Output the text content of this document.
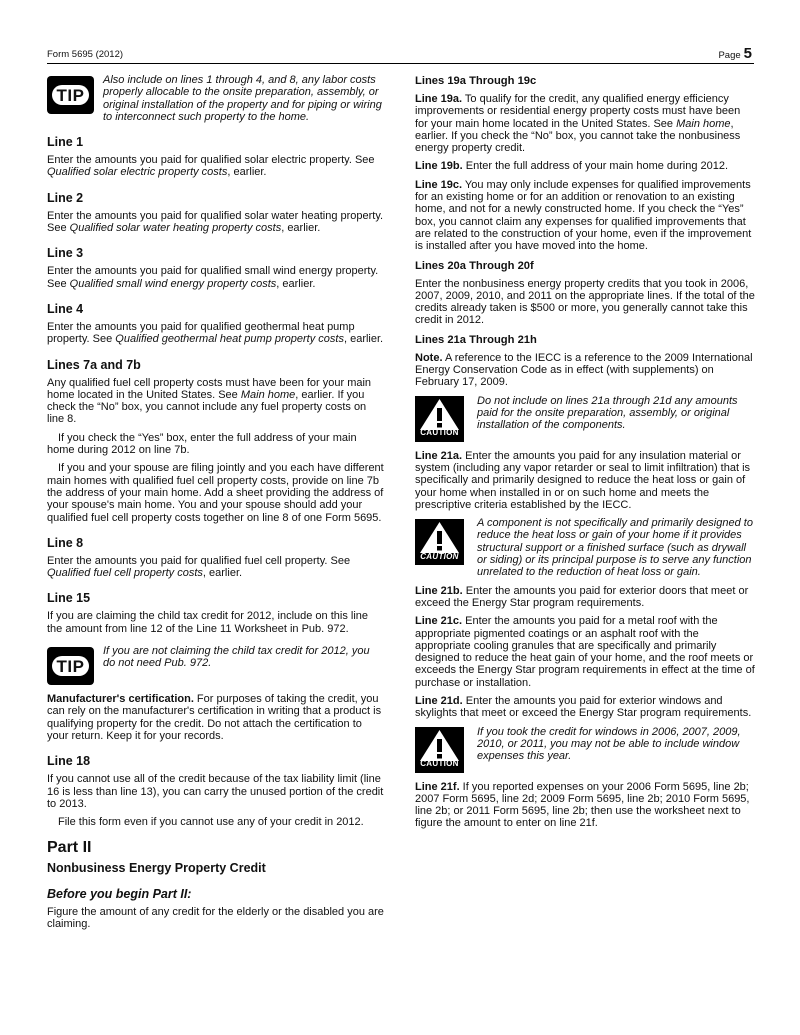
Form 5695 (2012)	Page 5
TIP
Also include on lines 1 through 4, and 8, any labor costs properly allocable to the onsite preparation, assembly, or original installation of the property and for piping or wiring to interconnect such property to the home.
Line 1

Enter the amounts you paid for qualified solar electric property. See Qualified solar electric property costs, earlier.

Line 2

Enter the amounts you paid for qualified solar water heating property. See Qualified solar water heating property costs, earlier.

Line 3

Enter the amounts you paid for qualified small wind energy property. See Qualified small wind energy property costs, earlier.

Line 4

Enter the amounts you paid for qualified geothermal heat pump property. See Qualified geothermal heat pump property costs, earlier.

Lines 7a and 7b

Any qualified fuel cell property costs must have been for your main home located in the United States. See Main home, earlier. If you check the “No” box, you cannot include any fuel property costs on line 8.

If you check the “Yes” box, enter the full address of your main home during 2012 on line 7b.

If you and your spouse are filing jointly and you each have different main homes with qualified fuel cell property costs, provide on line 7b the address of your main home. Add a sheet providing the address of your spouse's main home. You and your spouse should add your qualified fuel cell property costs together on line 8 of one Form 5695.

Line 8

Enter the amounts you paid for qualified fuel cell property. See Qualified fuel cell property costs, earlier.

Line 15

If you are claiming the child tax credit for 2012, include on this line the amount from line 12 of the Line 11 Worksheet in Pub. 972.

TIP
If you are not claiming the child tax credit for 2012, you do not need Pub. 972.

Manufacturer's certification. For purposes of taking the credit, you can rely on the manufacturer's certification in writing that a product is qualifying property for the credit. Do not attach the certification to your return. Keep it for your records.

Line 18

If you cannot use all of the credit because of the tax liability limit (line 16 is less than line 13), you can carry the unused portion of the credit to 2013.

File this form even if you cannot use any of your credit in 2012.

Part II
Nonbusiness Energy Property Credit
Before you begin Part II:

Figure the amount of any credit for the elderly or the disabled you are claiming.

Lines 19a Through 19c

Line 19a. To qualify for the credit, any qualified energy efficiency improvements or residential energy property costs must have been for your main home located in the United States. See Main home, earlier. If you check the “No” box, you cannot take the nonbusiness energy property credit.

Line 19b. Enter the full address of your main home during 2012.

Line 19c. You may only include expenses for qualified improvements for an existing home or for an addition or renovation to an existing home, and not for a newly constructed home. If you check the “Yes” box, you cannot claim any expenses for qualified improvements that are related to the construction of your home, even if the improvement is installed after you have moved into the home.

Lines 20a Through 20f

Enter the nonbusiness energy property credits that you took in 2006, 2007, 2009, 2010, and 2011 on the appropriate lines. If the total of the credits already taken is $500 or more, you generally cannot take this credit in 2012.

Lines 21a Through 21h

Note. A reference to the IECC is a reference to the 2009 International Energy Conservation Code as in effect (with supplements) on February 17, 2009.

CAUTION
Do not include on lines 21a through 21d any amounts paid for the onsite preparation, assembly, or original installation of the components.

Line 21a. Enter the amounts you paid for any insulation material or system (including any vapor retarder or seal to limit infiltration) that is specifically and primarily designed to reduce the heat loss or gain of your home when installed in or on such home and meets the prescriptive criteria established by the IECC.

CAUTION
A component is not specifically and primarily designed to reduce the heat loss or gain of your home if it provides structural support or a finished surface (such as drywall or siding) or its principal purpose is to serve any function unrelated to the reduction of heat loss or gain.

Line 21b. Enter the amounts you paid for exterior doors that meet or exceed the Energy Star program requirements.

Line 21c. Enter the amounts you paid for a metal roof with the appropriate pigmented coatings or an asphalt roof with the appropriate cooling granules that are specifically and primarily designed to reduce the heat gain of your home, and the roof meets or exceeds the Energy Star program requirements in effect at the time of purchase or installation.

Line 21d. Enter the amounts you paid for exterior windows and skylights that meet or exceed the Energy Star program requirements.

CAUTION
If you took the credit for windows in 2006, 2007, 2009, 2010, or 2011, you may not be able to include window expenses this year.

Line 21f. If you reported expenses on your 2006 Form 5695, line 2b; 2007 Form 5695, line 2d; 2009 Form 5695, line 2b; 2010 Form 5695, line 2b; or 2011 Form 5695, line 2b; then use the worksheet next to figure the amount to enter on line 21f.
